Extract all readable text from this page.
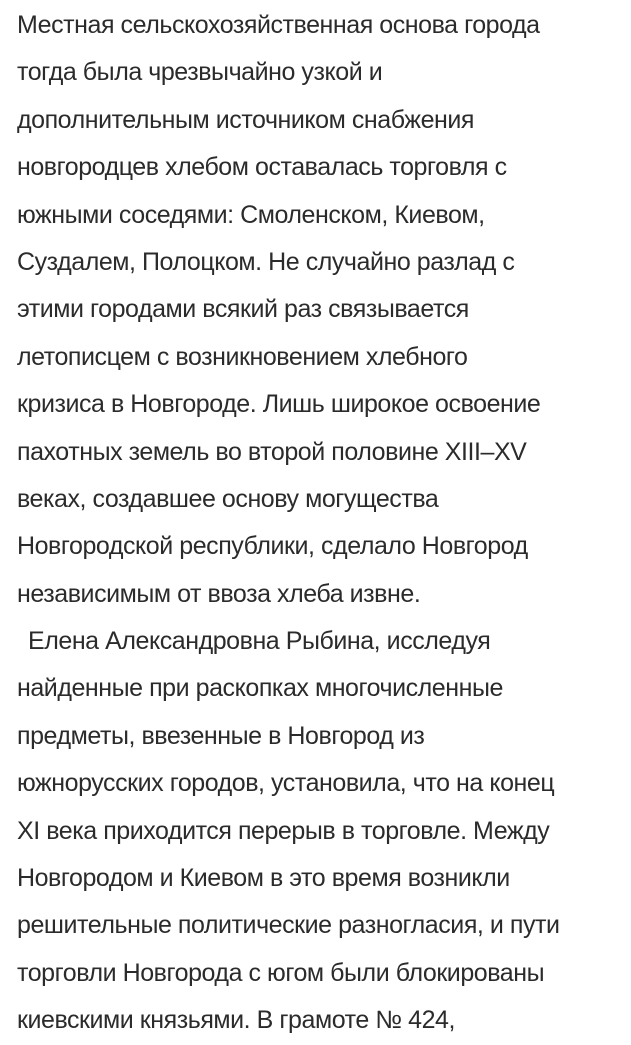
Местная сельскохозяйственная основа города
тогда была чрезвычайно узкой и
дополнительным источником снабжения
новгородцев хлебом оставалась торговля с
южными соседями: Смоленском, Киевом,
Суздалем, Полоцком. Не случайно разлад с
этими городами всякий раз связывается
летописцем с возникновением хлебного
кризиса в Новгороде. Лишь широкое освоение
пахотных земель во второй половине XIII–XV
веках, создавшее основу могущества
Новгородской республики, сделало Новгород
независимым от ввоза хлеба извне.
Елена Александровна Рыбина, исследуя
найденные при раскопках многочисленные
предметы, ввезенные в Новгород из
южнорусских городов, установила, что на конец
XI века приходится перерыв в торговле. Между
Новгородом и Киевом в это время возникли
решительные политические разногласия, и пути
торговли Новгорода с югом были блокированы
киевскими князьями. В грамоте № 424,
